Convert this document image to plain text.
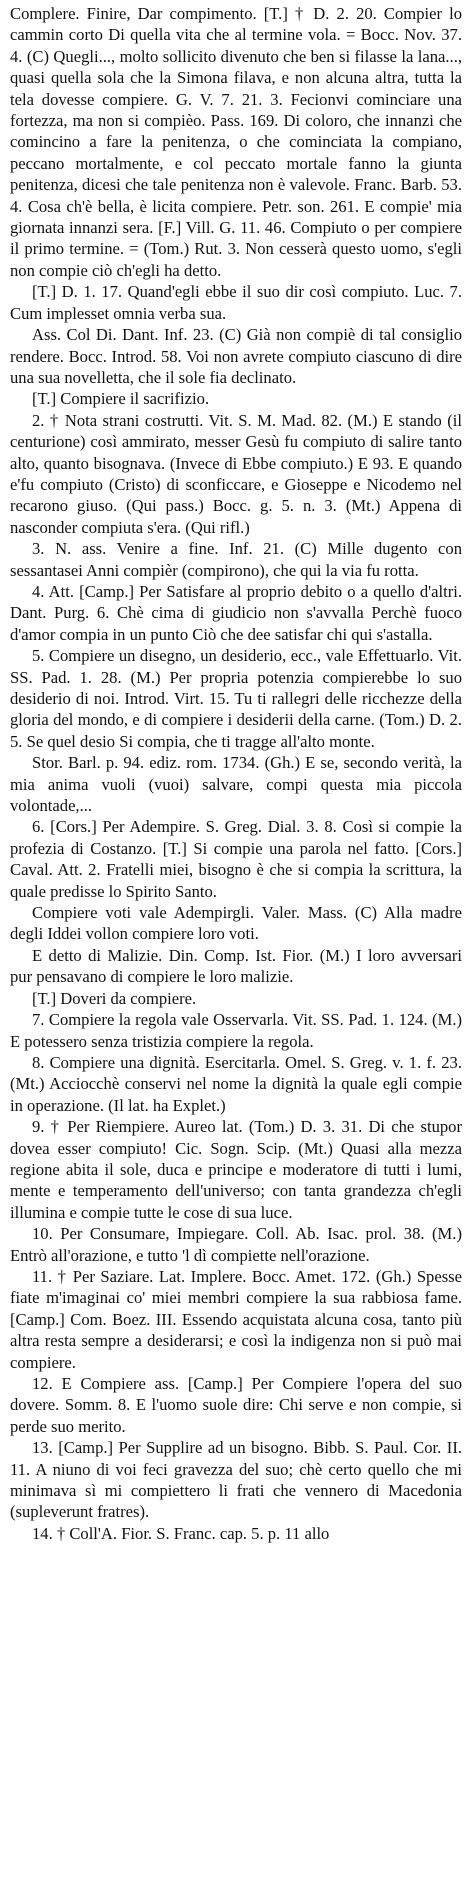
Complere. Finire, Dar compimento. [T.] † D. 2. 20. Compier lo cammin corto Di quella vita che al termine vola. = Bocc. Nov. 37. 4. (C) Quegli..., molto sollicito divenuto che ben si filasse la lana..., quasi quella sola che la Simona filava, e non alcuna altra, tutta la tela dovesse compiere. G. V. 7. 21. 3. Fecionvi cominciare una fortezza, ma non si compièo. Pass. 169. Di coloro, che innanzi che comincino a fare la penitenza, o che cominciata la compiano, peccano mortalmente, e col peccato mortale fanno la giunta penitenza, dicesi che tale penitenza non è valevole. Franc. Barb. 53. 4. Cosa ch'è bella, è licita compiere. Petr. son. 261. E compie' mia giornata innanzi sera. [F.] Vill. G. 11. 46. Compiuto o per compiere il primo termine. = (Tom.) Rut. 3. Non cesserà questo uomo, s'egli non compie ciò ch'egli ha detto.

[T.] D. 1. 17. Quand'egli ebbe il suo dir così compiuto. Luc. 7. Cum implesset omnia verba sua.

Ass. Col Di. Dant. Inf. 23. (C) Già non compiè di tal consiglio rendere. Bocc. Introd. 58. Voi non avrete compiuto ciascuno di dire una sua novelletta, che il sole fia declinato.

[T.] Compiere il sacrifizio.

2. † Nota strani costrutti. Vit. S. M. Mad. 82. (M.) E stando (il centurione) così ammirato, messer Gesù fu compiuto di salire tanto alto, quanto bisognava. (Invece di Ebbe compiuto.) E 93. E quando e'fu compiuto (Cristo) di sconficcare, e Gioseppe e Nicodemo nel recarono giuso. (Qui pass.) Bocc. g. 5. n. 3. (Mt.) Appena di nasconder compiuta s'era. (Qui rifl.)

3. N. ass. Venire a fine. Inf. 21. (C) Mille dugento con sessantasei Anni compièr (compirono), che qui la via fu rotta.

4. Att. [Camp.] Per Satisfare al proprio debito o a quello d'altri. Dant. Purg. 6. Chè cima di giudicio non s'avvalla Perchè fuoco d'amor compia in un punto Ciò che dee satisfar chi qui s'astalla.

5. Compiere un disegno, un desiderio, ecc., vale Effettuarlo. Vit. SS. Pad. 1. 28. (M.) Per propria potenzia compierebbe lo suo desiderio di noi. Introd. Virt. 15. Tu ti rallegri delle ricchezze della gloria del mondo, e di compiere i desiderii della carne. (Tom.) D. 2. 5. Se quel desio Si compia, che ti tragge all'alto monte.

Stor. Barl. p. 94. ediz. rom. 1734. (Gh.) E se, secondo verità, la mia anima vuoli (vuoi) salvare, compi questa mia piccola volontade,...

6. [Cors.] Per Adempire. S. Greg. Dial. 3. 8. Così si compie la profezia di Costanzo. [T.] Si compie una parola nel fatto. [Cors.] Caval. Att. 2. Fratelli miei, bisogno è che si compia la scrittura, la quale predisse lo Spirito Santo.

Compiere voti vale Adempirgli. Valer. Mass. (C) Alla madre degli Iddei vollon compiere loro voti.

E detto di Malizie. Din. Comp. Ist. Fior. (M.) I loro avversari pur pensavano di compiere le loro malizie.

[T.] Doveri da compiere.

7. Compiere la regola vale Osservarla. Vit. SS. Pad. 1. 124. (M.) E potessero senza tristizia compiere la regola.

8. Compiere una dignità. Esercitarla. Omel. S. Greg. v. 1. f. 23. (Mt.) Acciocchè conservi nel nome la dignità la quale egli compie in operazione. (Il lat. ha Explet.)

9. † Per Riempiere. Aureo lat. (Tom.) D. 3. 31. Di che stupor dovea esser compiuto! Cic. Sogn. Scip. (Mt.) Quasi alla mezza regione abita il sole, duca e principe e moderatore di tutti i lumi, mente e temperamento dell'universo; con tanta grandezza ch'egli illumina e compie tutte le cose di sua luce.

10. Per Consumare, Impiegare. Coll. Ab. Isac. prol. 38. (M.) Entrò all'orazione, e tutto 'l dì compiette nell'orazione.

11. † Per Saziare. Lat. Implere. Bocc. Amet. 172. (Gh.) Spesse fiate m'imaginai co' miei membri compiere la sua rabbiosa fame. [Camp.] Com. Boez. III. Essendo acquistata alcuna cosa, tanto più altra resta sempre a desiderarsi; e così la indigenza non si può mai compiere.

12. E Compiere ass. [Camp.] Per Compiere l'opera del suo dovere. Somm. 8. E l'uomo suole dire: Chi serve e non compie, si perde suo merito.

13. [Camp.] Per Supplire ad un bisogno. Bibb. S. Paul. Cor. II. 11. A niuno di voi feci gravezza del suo; chè certo quello che mi minimava sì mi compiettero li frati che vennero di Macedonia (supleverunt fratres).

14. † Coll'A. Fior. S. Franc. cap. 5. p. 11 allo
